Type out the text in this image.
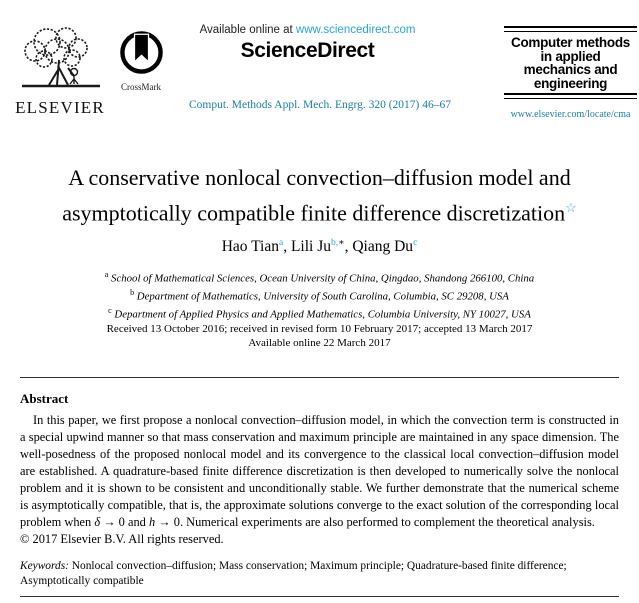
ELSEVIER
CrossMark
Available online at www.sciencedirect.com
ScienceDirect
Comput. Methods Appl. Mech. Engrg. 320 (2017) 46–67
Computer methods
in applied
mechanics and
engineering
www.elsevier.com/locate/cma
A conservative nonlocal convection–diffusion model and
asymptotically compatible finite difference discretization☆
Hao Tian$^a$, Lili $Ju^{b,∗}$, Qiang Du$^c$
$^a$ School of Mathematical Sciences, Ocean University of China, Qingdao, Shandong 266100, China
$^b$ Department of Mathematics, University of South Carolina, Columbia, SC 29208, USA
$^c$ Department of Applied Physics and Applied Mathematics, Columbia University, NY 10027, USA
Received 13 October 2016; received in revised form 10 February 2017; accepted 13 March 2017
Available online 22 March 2017
Abstract
In this paper, we first propose a nonlocal convection–diffusion model, in which the convection term is constructed in a special upwind manner so that mass conservation and maximum principle are maintained in any space dimension. The well-posedness of the proposed nonlocal model and its convergence to the classical local convection–diffusion model are established. A quadrature-based finite difference discretization is then developed to numerically solve the nonlocal problem and it is shown to be consistent and unconditionally stable. We further demonstrate that the numerical scheme is asymptotically compatible, that is, the approximate solutions converge to the exact solution of the corresponding local problem when δ → 0 and h → 0. Numerical experiments are also performed to complement the theoretical analysis.
© 2017 Elsevier B.V. All rights reserved.
Keywords: Nonlocal convection–diffusion; Mass conservation; Maximum principle; Quadrature-based finite difference; Asymptotically compatible
